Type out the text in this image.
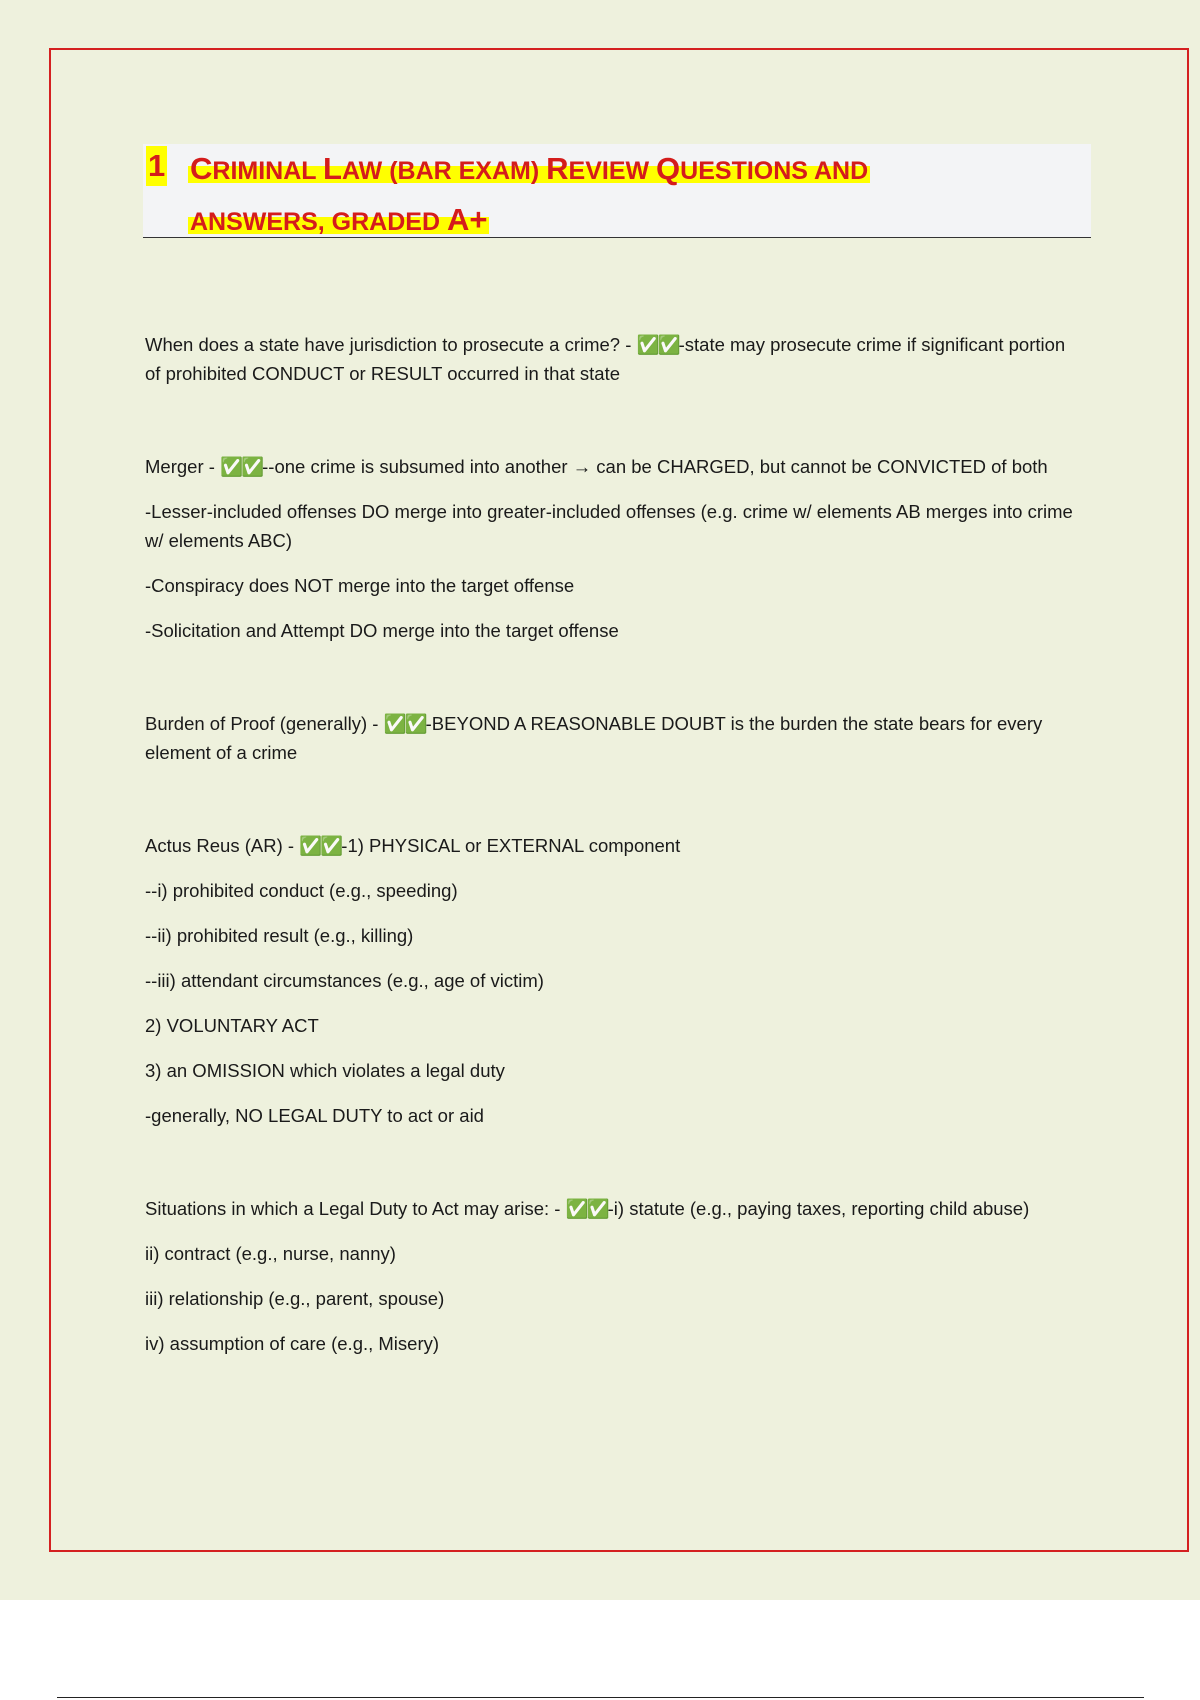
1 CRIMINAL LAW (BAR EXAM) REVIEW QUESTIONS AND
ANSWERS, GRADED A+

When does a state have jurisdiction to prosecute a crime? - ✅✅-state may prosecute crime if significant portion of prohibited CONDUCT or RESULT occurred in that state

Merger - ✅✅--one crime is subsumed into another → can be CHARGED, but cannot be CONVICTED of both

-Lesser-included offenses DO merge into greater-included offenses (e.g. crime w/ elements AB merges into crime w/ elements ABC)

-Conspiracy does NOT merge into the target offense

-Solicitation and Attempt DO merge into the target offense

Burden of Proof (generally) - ✅✅-BEYOND A REASONABLE DOUBT is the burden the state bears for every element of a crime

Actus Reus (AR) - ✅✅-1) PHYSICAL or EXTERNAL component

--i) prohibited conduct (e.g., speeding)

--ii) prohibited result (e.g., killing)

--iii) attendant circumstances (e.g., age of victim)

2) VOLUNTARY ACT

3) an OMISSION which violates a legal duty

-generally, NO LEGAL DUTY to act or aid

Situations in which a Legal Duty to Act may arise: - ✅✅-i) statute (e.g., paying taxes, reporting child abuse)

ii) contract (e.g., nurse, nanny)

iii) relationship (e.g., parent, spouse)

iv) assumption of care (e.g., Misery)
